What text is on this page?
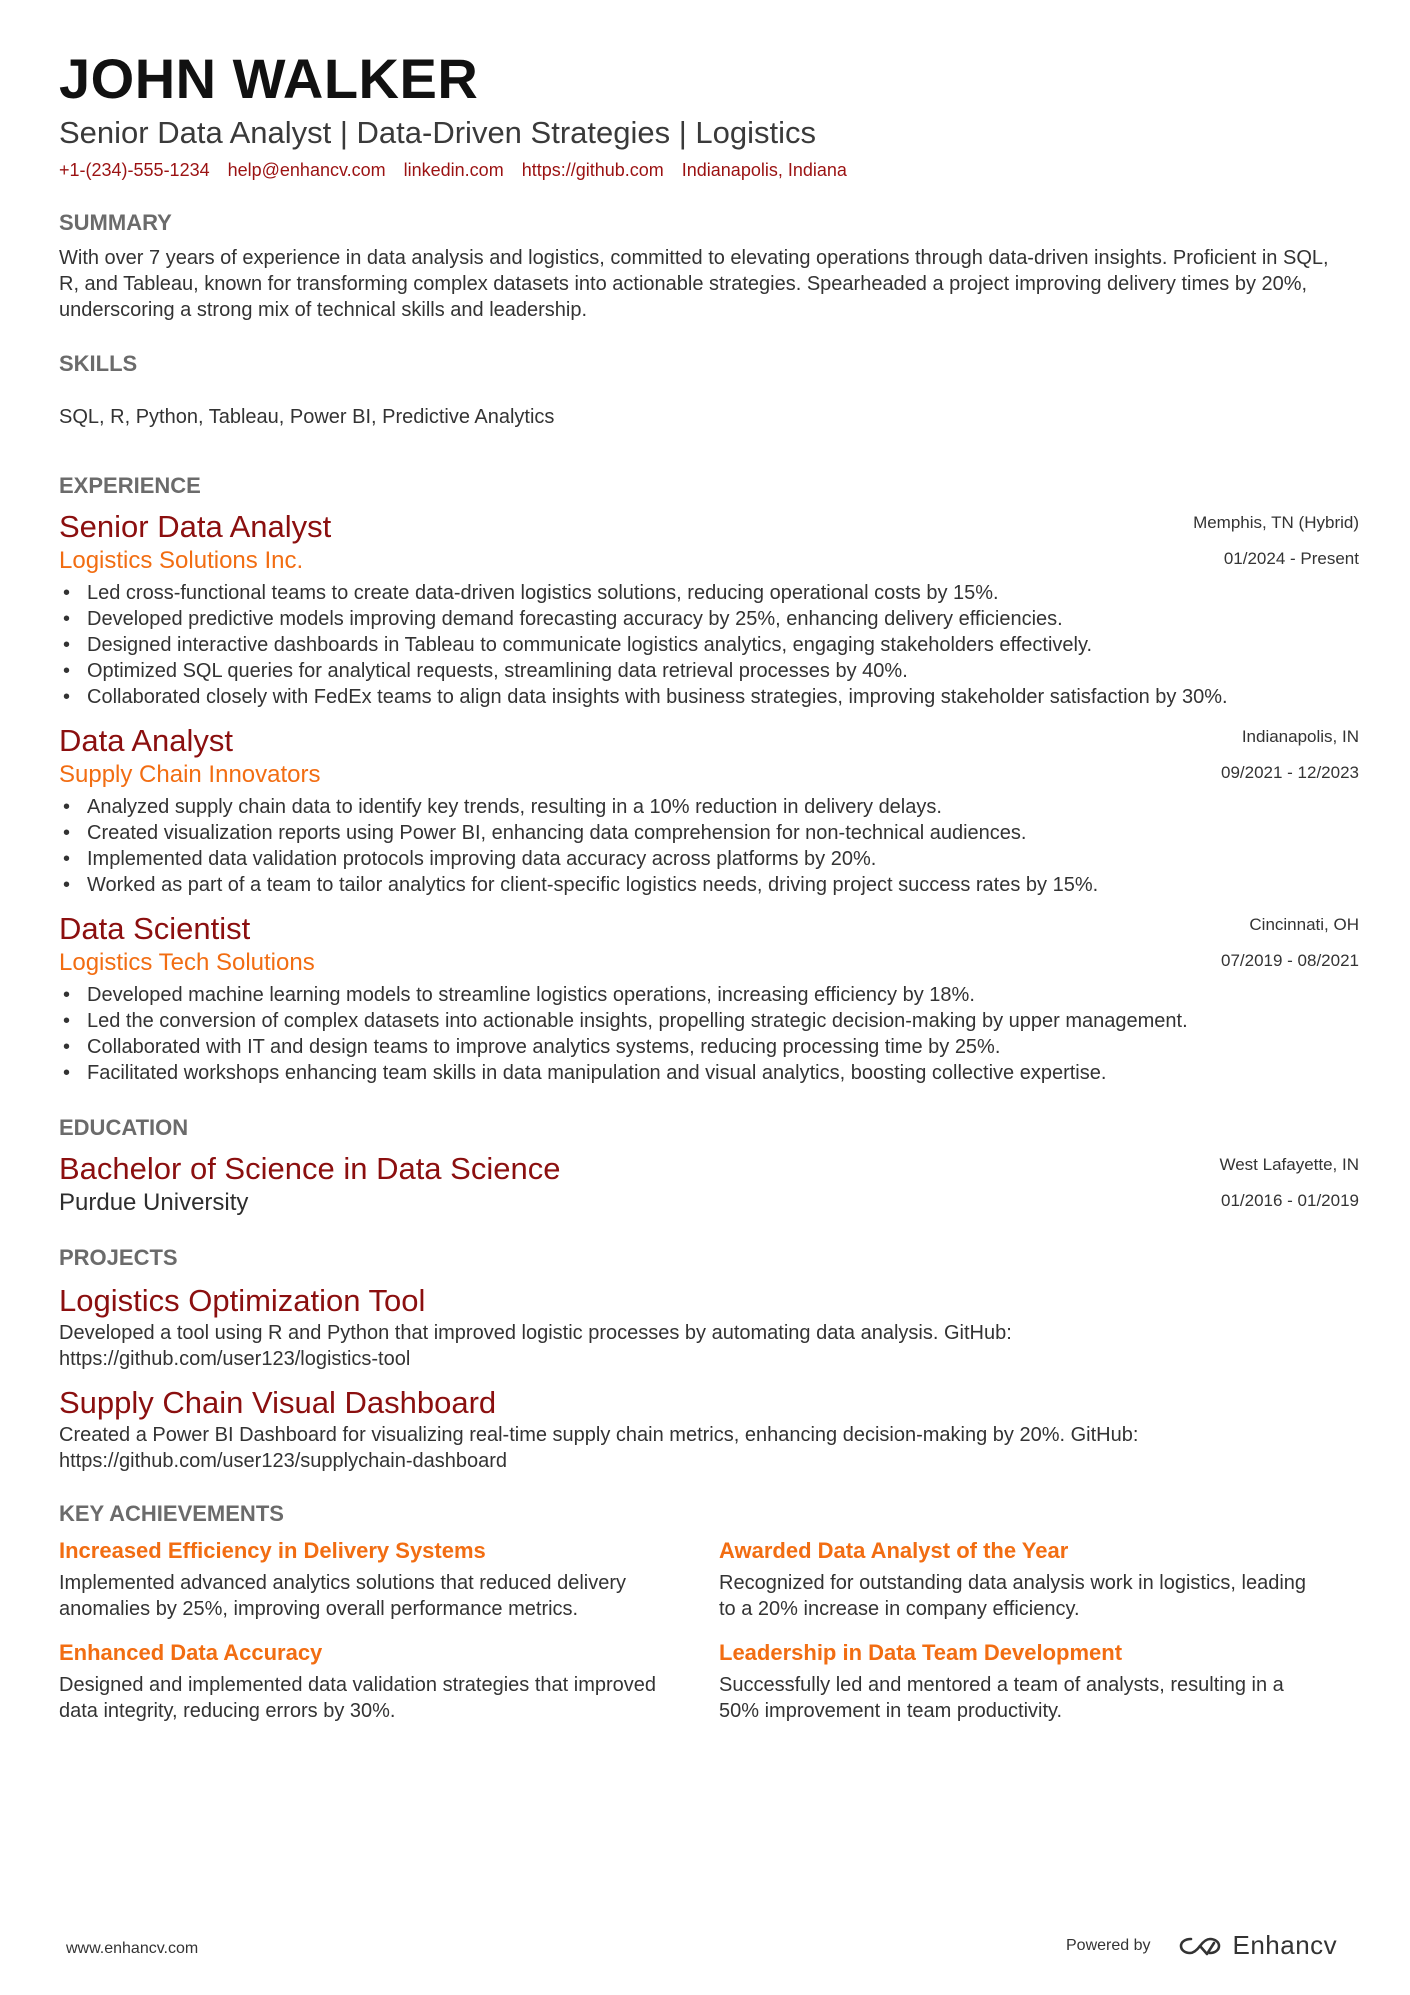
JOHN WALKER
Senior Data Analyst | Data-Driven Strategies | Logistics
+1-(234)-555-1234 help@enhancv.com linkedin.com https://github.com Indianapolis, Indiana
SUMMARY
With over 7 years of experience in data analysis and logistics, committed to elevating operations through data-driven insights. Proficient in SQL, R, and Tableau, known for transforming complex datasets into actionable strategies. Spearheaded a project improving delivery times by 20%, underscoring a strong mix of technical skills and leadership.
SKILLS
SQL, R, Python, Tableau, Power BI, Predictive Analytics
EXPERIENCE
Senior Data Analyst
Logistics Solutions Inc.
Memphis, TN (Hybrid)
01/2024 - Present
• Led cross-functional teams to create data-driven logistics solutions, reducing operational costs by 15%.
• Developed predictive models improving demand forecasting accuracy by 25%, enhancing delivery efficiencies.
• Designed interactive dashboards in Tableau to communicate logistics analytics, engaging stakeholders effectively.
• Optimized SQL queries for analytical requests, streamlining data retrieval processes by 40%.
• Collaborated closely with FedEx teams to align data insights with business strategies, improving stakeholder satisfaction by 30%.
Data Analyst
Supply Chain Innovators
Indianapolis, IN
09/2021 - 12/2023
• Analyzed supply chain data to identify key trends, resulting in a 10% reduction in delivery delays.
• Created visualization reports using Power BI, enhancing data comprehension for non-technical audiences.
• Implemented data validation protocols improving data accuracy across platforms by 20%.
• Worked as part of a team to tailor analytics for client-specific logistics needs, driving project success rates by 15%.
Data Scientist
Logistics Tech Solutions
Cincinnati, OH
07/2019 - 08/2021
• Developed machine learning models to streamline logistics operations, increasing efficiency by 18%.
• Led the conversion of complex datasets into actionable insights, propelling strategic decision-making by upper management.
• Collaborated with IT and design teams to improve analytics systems, reducing processing time by 25%.
• Facilitated workshops enhancing team skills in data manipulation and visual analytics, boosting collective expertise.
EDUCATION
Bachelor of Science in Data Science
Purdue University
West Lafayette, IN
01/2016 - 01/2019
PROJECTS
Logistics Optimization Tool
Developed a tool using R and Python that improved logistic processes by automating data analysis. GitHub: https://github.com/user123/logistics-tool
Supply Chain Visual Dashboard
Created a Power BI Dashboard for visualizing real-time supply chain metrics, enhancing decision-making by 20%. GitHub: https://github.com/user123/supplychain-dashboard
KEY ACHIEVEMENTS
Increased Efficiency in Delivery Systems
Implemented advanced analytics solutions that reduced delivery anomalies by 25%, improving overall performance metrics.
Awarded Data Analyst of the Year
Recognized for outstanding data analysis work in logistics, leading to a 20% increase in company efficiency.
Enhanced Data Accuracy
Designed and implemented data validation strategies that improved data integrity, reducing errors by 30%.
Leadership in Data Team Development
Successfully led and mentored a team of analysts, resulting in a 50% improvement in team productivity.
www.enhancv.com	Powered by	Enhancv
